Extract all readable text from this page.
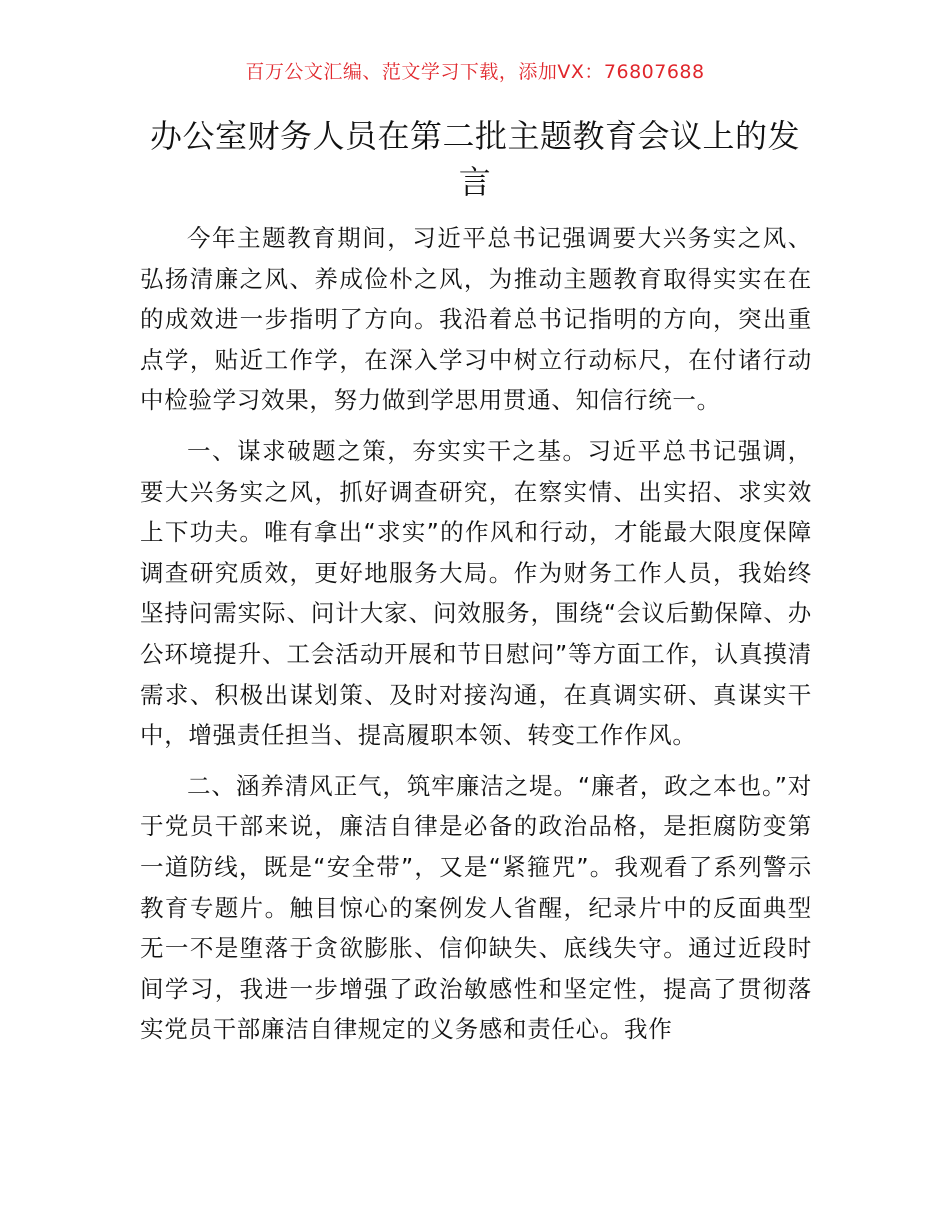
百万公文汇编、范文学习下载，添加VX：76807688
办公室财务人员在第二批主题教育会议上的发言

今年主题教育期间，习近平总书记强调要大兴务实之风、弘扬清廉之风、养成俭朴之风，为推动主题教育取得实实在在的成效进一步指明了方向。我沿着总书记指明的方向，突出重点学，贴近工作学，在深入学习中树立行动标尺，在付诸行动中检验学习效果，努力做到学思用贯通、知信行统一。

一、谋求破题之策，夯实实干之基。习近平总书记强调，要大兴务实之风，抓好调查研究，在察实情、出实招、求实效上下功夫。唯有拿出“求实”的作风和行动，才能最大限度保障调查研究质效，更好地服务大局。作为财务工作人员，我始终坚持问需实际、问计大家、问效服务，围绕“会议后勤保障、办公环境提升、工会活动开展和节日慰问”等方面工作，认真摸清需求、积极出谋划策、及时对接沟通，在真调实研、真谋实干中，增强责任担当、提高履职本领、转变工作作风。

二、涵养清风正气，筑牢廉洁之堤。“廉者，政之本也。”对于党员干部来说，廉洁自律是必备的政治品格，是拒腐防变第一道防线，既是“安全带”，又是“紧箍咒”。我观看了系列警示教育专题片。触目惊心的案例发人省醒，纪录片中的反面典型无一不是堕落于贪欲膨胀、信仰缺失、底线失守。通过近段时间学习，我进一步增强了政治敏感性和坚定性，提高了贯彻落实党员干部廉洁自律规定的义务感和责任心。我作
